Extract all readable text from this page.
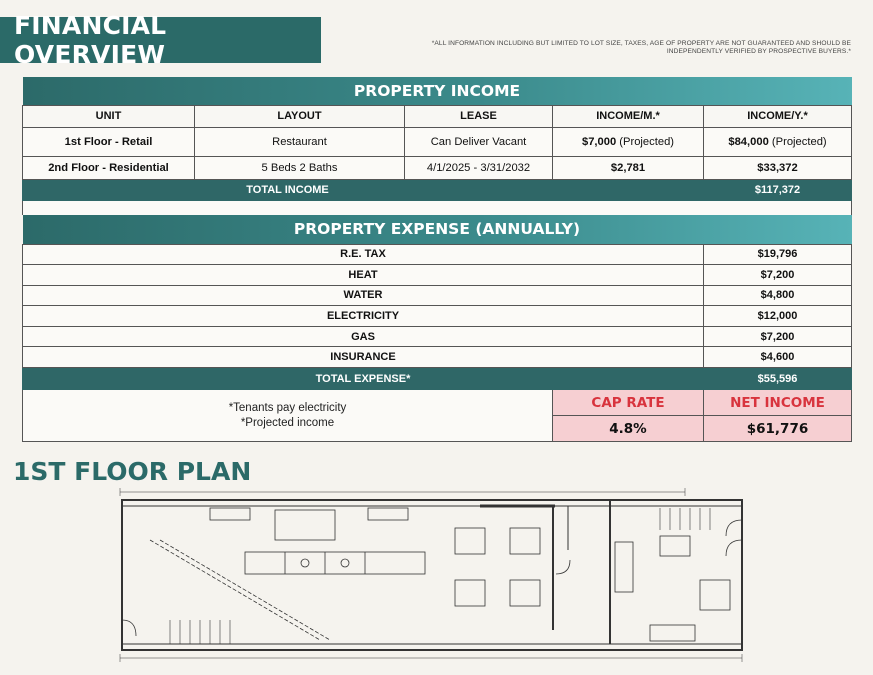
FINANCIAL OVERVIEW	*ALL INFORMATION INCLUDING BUT LIMITED TO LOT SIZE, TAXES, AGE OF PROPERTY ARE NOT GUARANTEED AND SHOULD BE
INDEPENDENTLY VERIFIED BY PROSPECTIVE BUYERS.*
PROPERTY INCOME				
UNIT	LAYOUT	LEASE	INCOME/M.*	INCOME/Y.*
1st Floor - Retail	Restaurant	Can Deliver Vacant	$7,000 (Projected)	$84,000 (Projected)
2nd Floor - Residential	5 Beds 2 Baths	4/1/2025 - 3/31/2032	$2,781	$33,372
TOTAL INCOME				$117,372

PROPERTY EXPENSE (ANNUALLY)		
R.E. TAX		$19,796
HEAT		$7,200
WATER		$4,800
ELECTRICITY		$12,000
GAS		$7,200
INSURANCE		$4,600
TOTAL EXPENSE*		$55,596

*Tenants pay electricity
*Projected income	CAP RATE	NET INCOME
	4.8%	$61,776
1ST FLOOR PLAN
